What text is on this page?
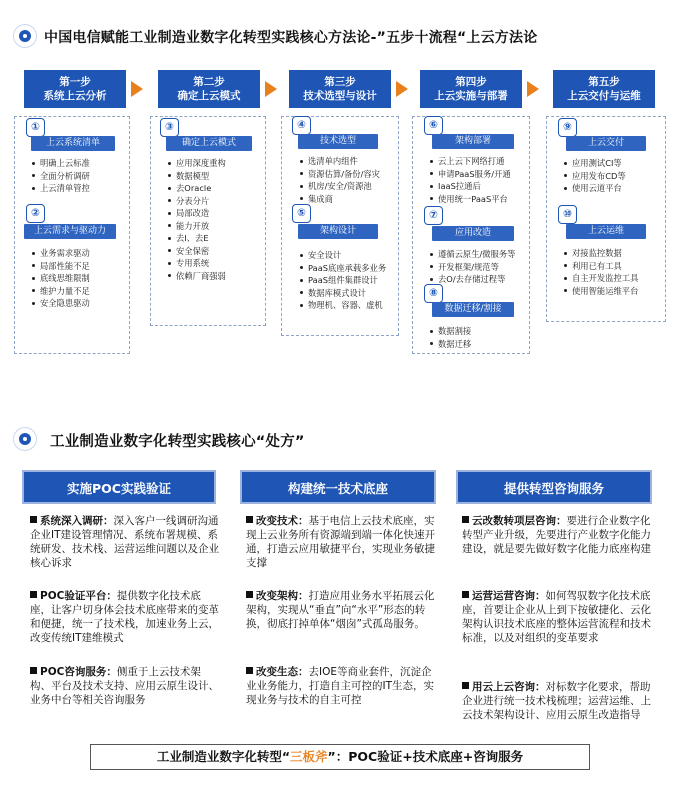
中国电信赋能工业制造业数字化转型实践核心方法论-”五步十流程“上云方法论
第一步
系统上云分析
第二步
确定上云模式
第三步
技术选型与设计
第四步
上云实施与部署
第五步
上云交付与运维
①
上云系统清单
明确上云标准
全面分析调研
上云清单管控
②
上云需求与驱动力
业务需求驱动
局部性能不足
底线思维限制
维护力量不足
安全隐患驱动
③
确定上云模式
应用深度重构
数据模型
去Oracle
分表分片
局部改造
能力开放
去I、去E
安全保密
专用系统
依赖厂商强弱
④
技术选型
选清单内组件
资源估算/备份/容灾
机房/安全/资源池
集成商
⑤
架构设计
安全设计
PaaS底座承载多业务
PaaS组件集群设计
数据库模式设计
物理机、容器、虚机
⑥
架构部署
云上云下网络打通
申请PaaS服务/开通
IaaS拉通后
使用统一PaaS平台
⑦
应用改造
遵循云原生/微服务等
开发框架/规范等
去O/去存储过程等
⑧
数据迁移/割接
数据割接
数据迁移
⑨
上云交付
应用测试CI等
应用发布CD等
使用云道平台
⑩
上云运维
对接监控数据
利用已有工具
自主开发监控工具
使用智能运维平台
工业制造业数字化转型实践核心“处方”
实施POC实践验证	构建统一技术底座	提供转型咨询服务
系统深入调研：深入客户一线调研沟通企业IT建设管理情况、系统布署规模、系统研发、技术栈、运营运维问题以及企业核心诉求
POC验证平台：提供数字化技术底座，让客户切身体会技术底座带来的变革和便捷，统一了技术栈，加速业务上云，改变传统IT建维模式
POC咨询服务：侧重于上云技术架构、平台及技术支持、应用云原生设计、业务中台等相关咨询服务
改变技术：基于电信上云技术底座，实现上云业务所有资源端到端一体化快速开通，打造云应用敏捷平台，实现业务敏捷支撑
改变架构：打造应用业务水平拓展云化架构，实现从“垂直”向“水平”形态的转换，彻底打掉单体“烟囱”式孤岛服务。
改变生态：去IOE等商业套件，沉淀企业业务能力，打造自主可控的IT生态，实现业务与技术的自主可控
云改数转项层咨询：要进行企业数字化转型产业升级，先要进行产业数字化能力建设，就是要先做好数字化能力底座构建
运营运营咨询：如何驾驭数字化技术底座，首要让企业从上到下按敏捷化、云化架构认识技术底座的整体运营流程和技术标准，以及对组织的变革要求
用云上云咨询：对标数字化要求，帮助企业进行统一技术栈梳理；运营运维、上云技术架构设计、应用云原生改造指导
工业制造业数字化转型“三板斧”：POC验证+技术底座+咨询服务
